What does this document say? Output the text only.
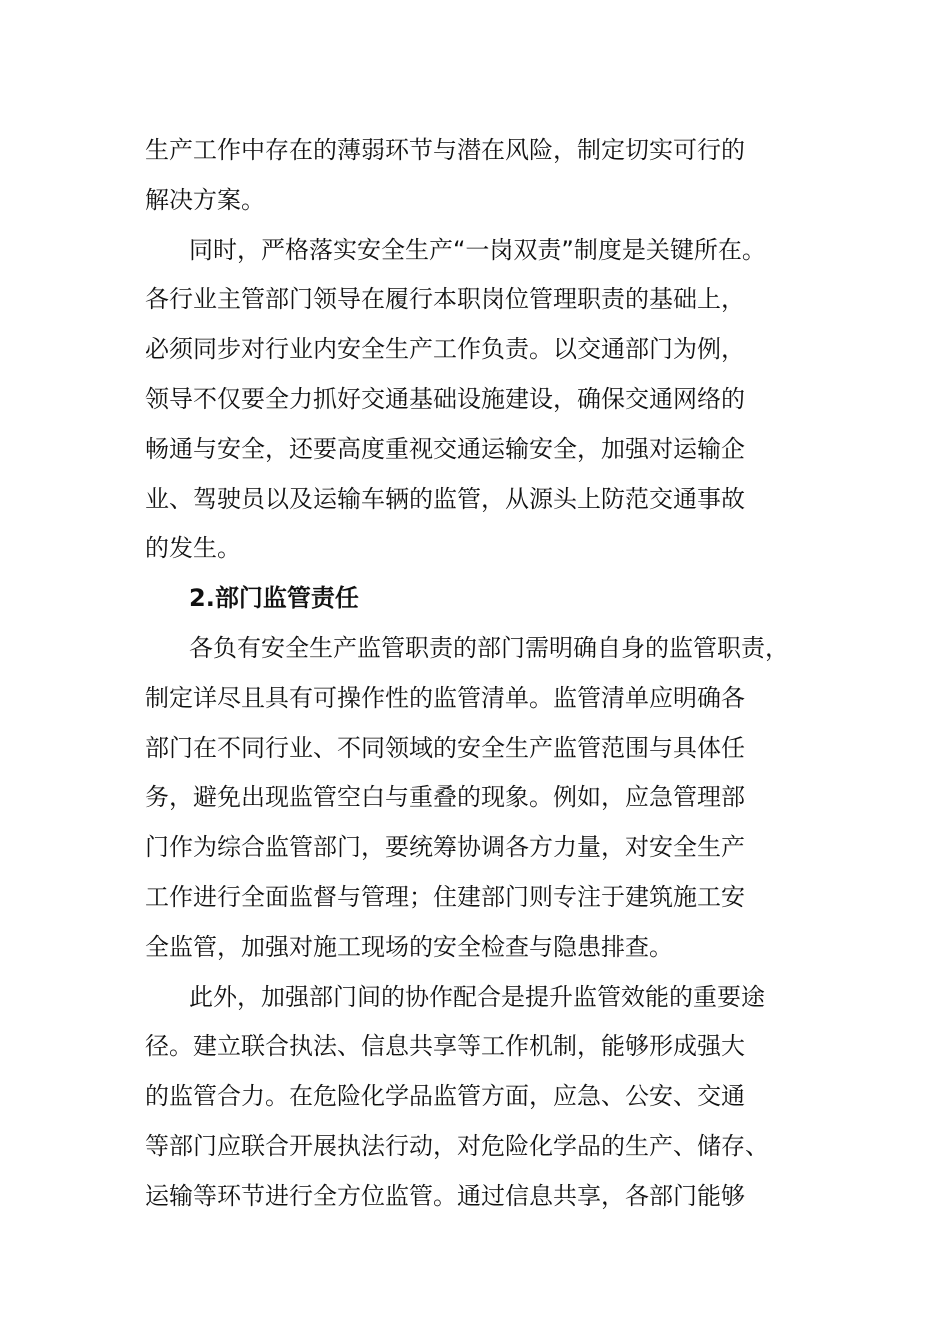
生产工作中存在的薄弱环节与潜在风险，制定切实可行的
解决方案。
同时，严格落实安全生产“一岗双责”制度是关键所在。
各行业主管部门领导在履行本职岗位管理职责的基础上，
必须同步对行业内安全生产工作负责。以交通部门为例，
领导不仅要全力抓好交通基础设施建设，确保交通网络的
畅通与安全，还要高度重视交通运输安全，加强对运输企
业、驾驶员以及运输车辆的监管，从源头上防范交通事故
的发生。
2.部门监管责任
各负有安全生产监管职责的部门需明确自身的监管职责，
制定详尽且具有可操作性的监管清单。监管清单应明确各
部门在不同行业、不同领域的安全生产监管范围与具体任
务，避免出现监管空白与重叠的现象。例如，应急管理部
门作为综合监管部门，要统筹协调各方力量，对安全生产
工作进行全面监督与管理；住建部门则专注于建筑施工安
全监管，加强对施工现场的安全检查与隐患排查。
此外，加强部门间的协作配合是提升监管效能的重要途
径。建立联合执法、信息共享等工作机制，能够形成强大
的监管合力。在危险化学品监管方面，应急、公安、交通
等部门应联合开展执法行动，对危险化学品的生产、储存、
运输等环节进行全方位监管。通过信息共享，各部门能够
